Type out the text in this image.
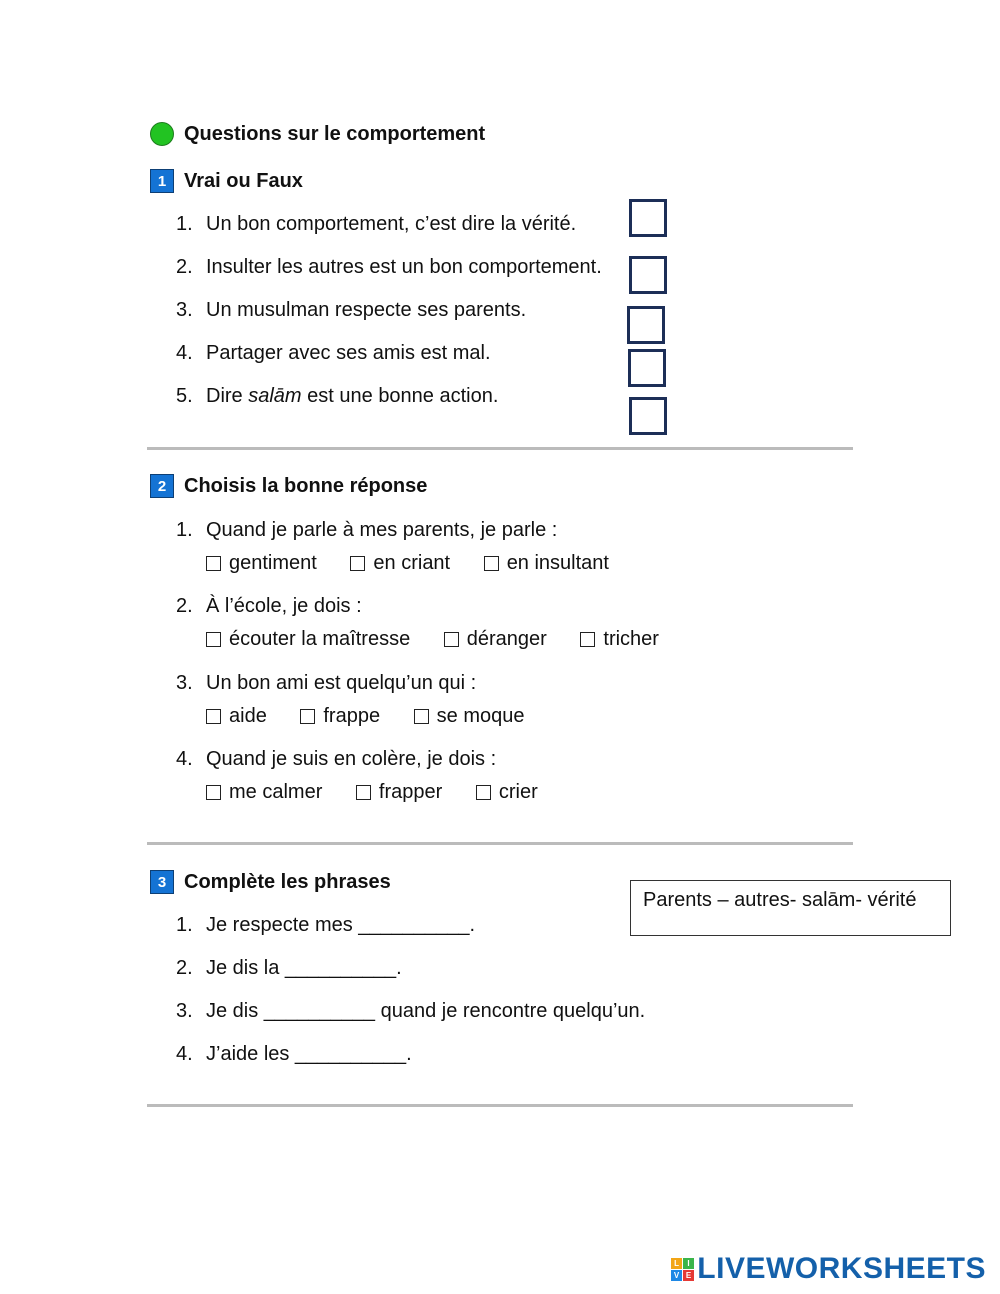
Questions sur le comportement
1 Vrai ou Faux
1. Un bon comportement, c’est dire la vérité.
2. Insulter les autres est un bon comportement.
3. Un musulman respecte ses parents.
4. Partager avec ses amis est mal.
5. Dire salām est une bonne action.
2 Choisis la bonne réponse
1. Quand je parle à mes parents, je parle :
gentiment
	en criant
	en insultant
2. À l’école, je dois :
écouter la maîtresse
	déranger
	tricher
3. Un bon ami est quelqu’un qui :
aide
	frappe
	se moque
4. Quand je suis en colère, je dois :
me calmer
	frapper
	crier
3 Complète les phrases
Parents – autres- salām- vérité
1. Je respecte mes __________.
2. Je dis la __________.
3. Je dis __________ quand je rencontre quelqu’un.
4. J’aide les __________.
L I
V E LIVEWORKSHEETS
